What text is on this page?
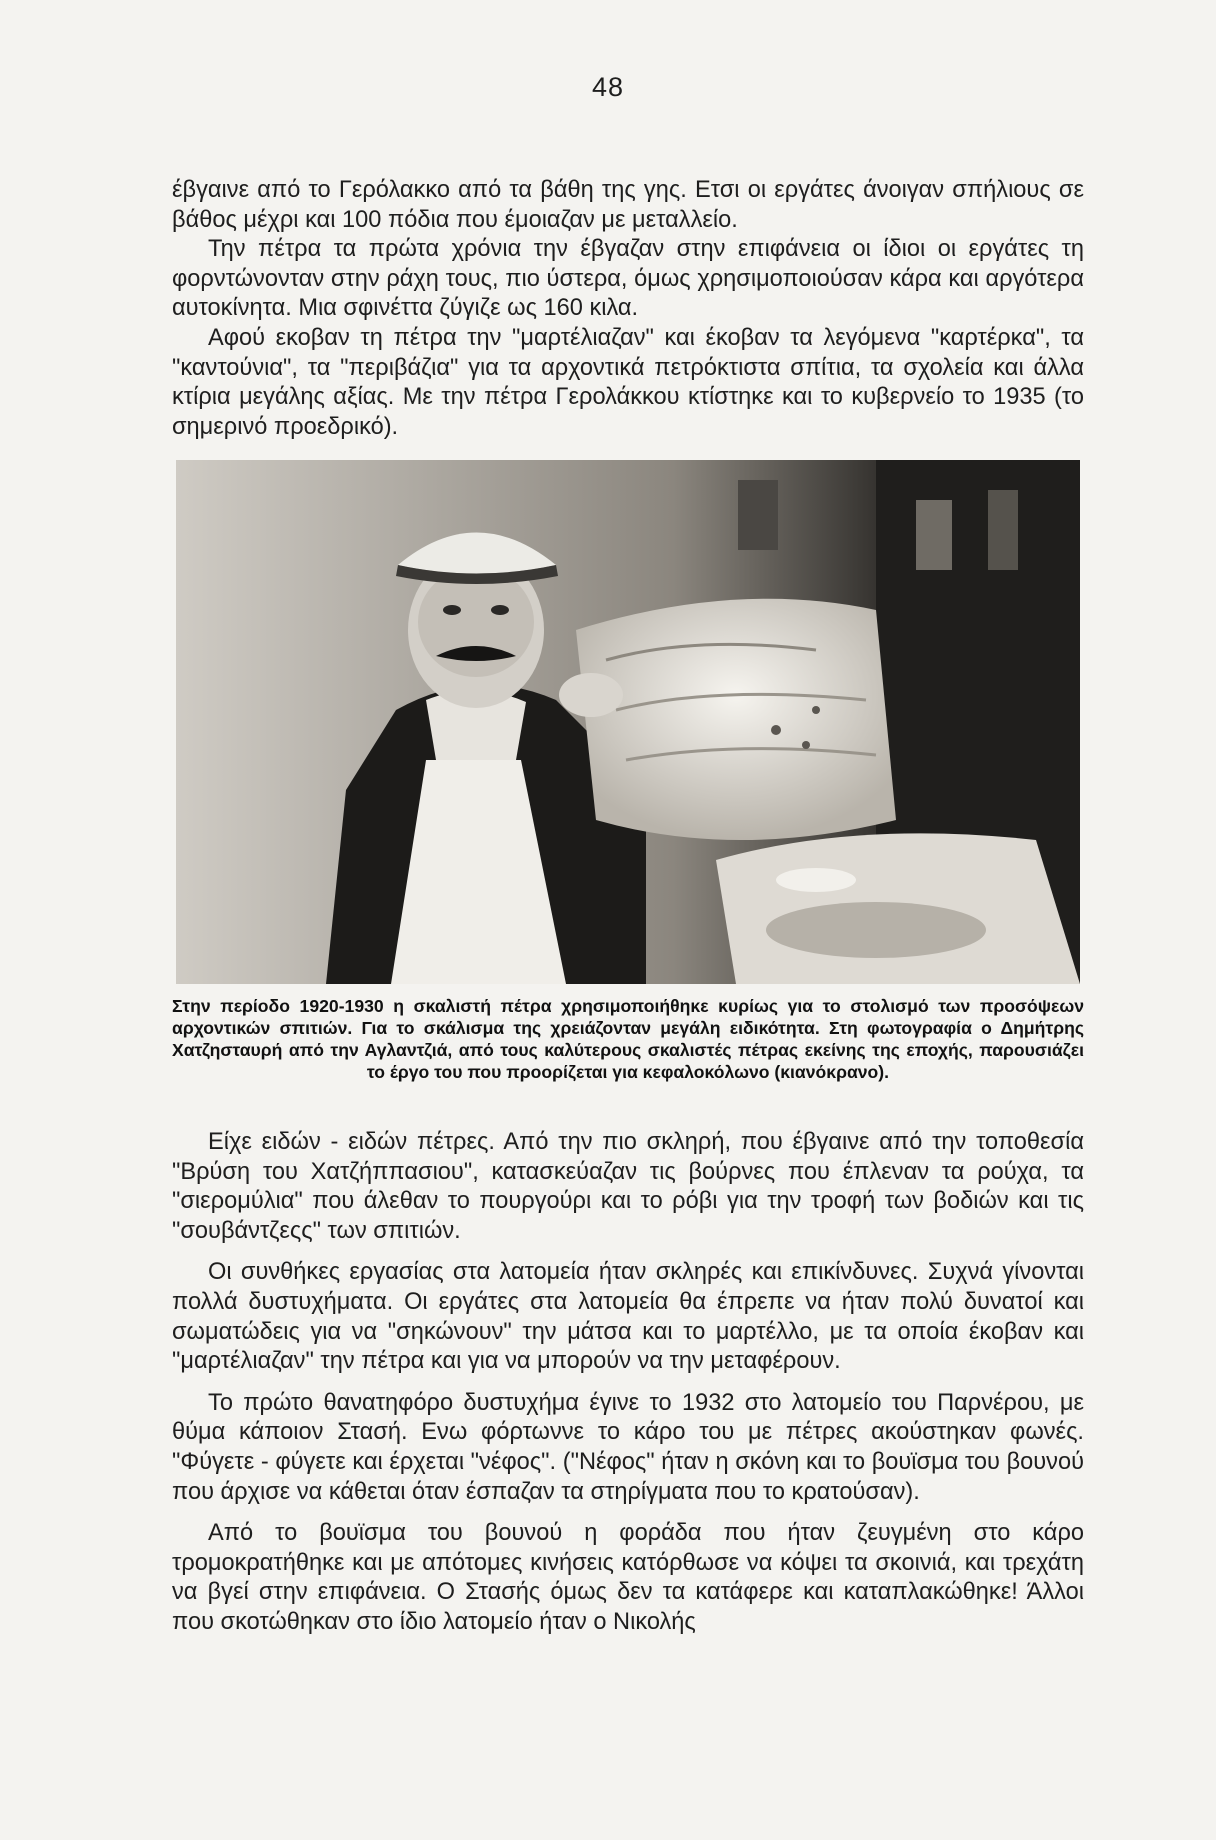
48

έβγαινε από το Γερόλακκο από τα βάθη της γης. Ετσι οι εργάτες άνοιγαν σπήλιους σε βάθος μέχρι και 100 πόδια που έμοιαζαν με μεταλλείο.

Την πέτρα τα πρώτα χρόνια την έβγαζαν στην επιφάνεια οι ίδιοι οι εργάτες τη φορντώνονταν στην ράχη τους, πιο ύστερα, όμως χρησιμοποιούσαν κάρα και αργότερα αυτοκίνητα. Μια σφινέττα ζύγιζε ως 160 κιλα.

Αφού εκοβαν τη πέτρα την "μαρτέλιαζαν" και έκοβαν τα λεγόμενα "καρτέρκα", τα "καντούνια", τα "περιβάζια" για τα αρχοντικά πετρόκτιστα σπίτια, τα σχολεία και άλλα κτίρια μεγάλης αξίας. Με την πέτρα Γερολάκκου κτίστηκε και το κυβερνείο το 1935 (το σημερινό προεδρικό).

Στην περίοδο 1920-1930 η σκαλιστή πέτρα χρησιμοποιήθηκε κυρίως για το στολισμό των προσόψεων αρχοντικών σπιτιών. Για το σκάλισμα της χρειάζονταν μεγάλη ειδικότητα. Στη φωτογραφία ο Δημήτρης Χατζησταυρή από την Αγλαντζιά, από τους καλύτερους σκαλιστές πέτρας εκείνης της εποχής, παρουσιάζει το έργο του που προορίζεται για κεφαλοκόλωνο (κιανόκρανο).

Είχε ειδών - ειδών πέτρες. Από την πιο σκληρή, που έβγαινε από την τοποθεσία "Βρύση του Χατζήππασιου", κατασκεύαζαν τις βούρνες που έπλεναν τα ρούχα, τα "σιερομύλια" που άλεθαν το πουργούρι και το ρόβι για την τροφή των βοδιών και τις "σουβάντζεςς" των σπιτιών.

Οι συνθήκες εργασίας στα λατομεία ήταν σκληρές και επικίνδυνες. Συχνά γίνονται πολλά δυστυχήματα. Οι εργάτες στα λατομεία θα έπρεπε να ήταν πολύ δυνατοί και σωματώδεις για να "σηκώνουν" την μάτσα και το μαρτέλλο, με τα οποία έκοβαν και "μαρτέλιαζαν" την πέτρα και για να μπορούν να την μεταφέρουν.

Το πρώτο θανατηφόρο δυστυχήμα έγινε το 1932 στο λατομείο του Παρνέρου, με θύμα κάποιον Στασή. Ενω φόρτωννε το κάρο του με πέτρες ακούστηκαν φωνές. "Φύγετε - φύγετε και έρχεται "νέφος". ("Νέφος" ήταν η σκόνη και το βουϊσμα του βουνού που άρχισε να κάθεται όταν έσπαζαν τα στηρίγματα που το κρατούσαν).

Από το βουϊσμα του βουνού η φοράδα που ήταν ζευγμένη στο κάρο τρομοκρατήθηκε και με απότομες κινήσεις κατόρθωσε να κόψει τα σκοινιά, και τρεχάτη να βγεί στην επιφάνεια. Ο Στασής όμως δεν τα κατάφερε και καταπλακώθηκε! Άλλοι που σκοτώθηκαν στο ίδιο λατομείο ήταν ο Νικολής
